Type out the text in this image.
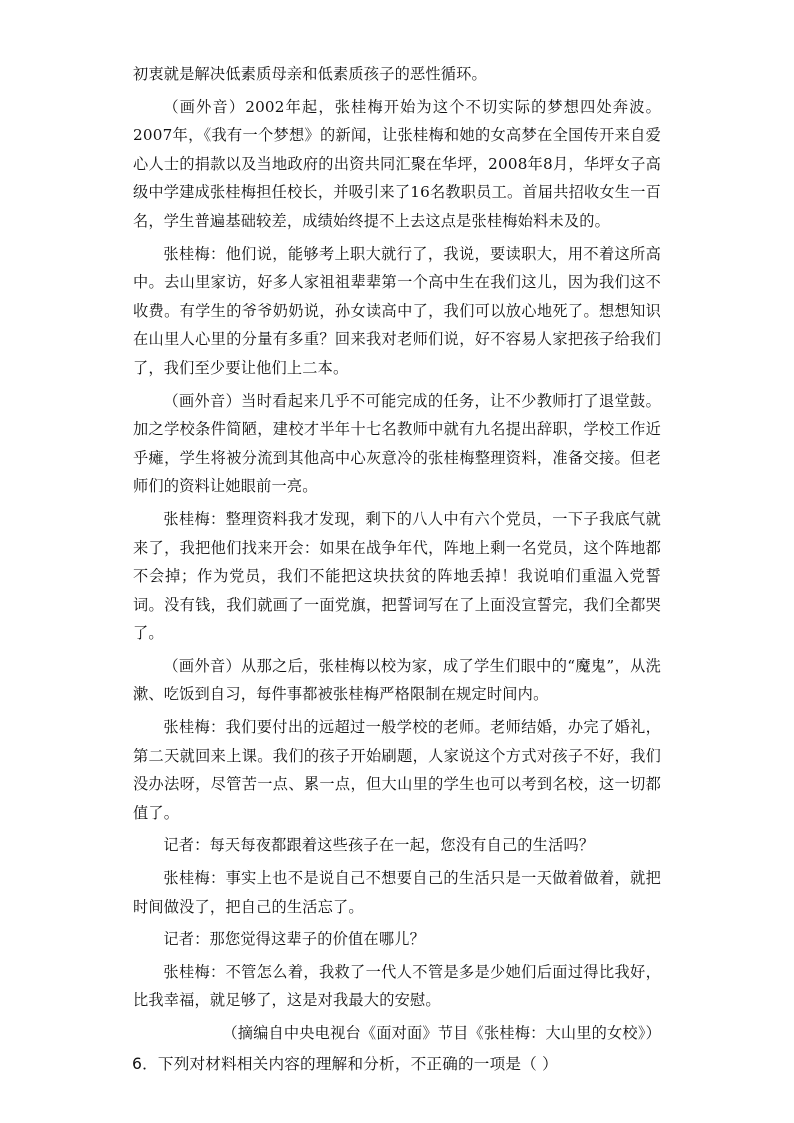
初衷就是解决低素质母亲和低素质孩子的恶性循环。

（画外音）2002年起，张桂梅开始为这个不切实际的梦想四处奔波。2007年，《我有一个梦想》的新闻，让张桂梅和她的女高梦在全国传开来自爱心人士的捐款以及当地政府的出资共同汇聚在华坪，2008年8月，华坪女子高级中学建成张桂梅担任校长，并吸引来了16名教职员工。首届共招收女生一百名，学生普遍基础较差，成绩始终提不上去这点是张桂梅始料未及的。

张桂梅：他们说，能够考上职大就行了，我说，要读职大，用不着这所高中。去山里家访，好多人家祖祖辈辈第一个高中生在我们这儿，因为我们这不收费。有学生的爷爷奶奶说，孙女读高中了，我们可以放心地死了。想想知识在山里人心里的分量有多重？回来我对老师们说，好不容易人家把孩子给我们了，我们至少要让他们上二本。

（画外音）当时看起来几乎不可能完成的任务，让不少教师打了退堂鼓。加之学校条件简陋，建校才半年十七名教师中就有九名提出辞职，学校工作近乎瘫，学生将被分流到其他高中心灰意冷的张桂梅整理资料，准备交接。但老师们的资料让她眼前一亮。

张桂梅：整理资料我才发现，剩下的八人中有六个党员，一下子我底气就来了，我把他们找来开会：如果在战争年代，阵地上剩一名党员，这个阵地都不会掉；作为党员，我们不能把这块扶贫的阵地丢掉！我说咱们重温入党誓词。没有钱，我们就画了一面党旗，把誓词写在了上面没宣誓完，我们全都哭了。

（画外音）从那之后，张桂梅以校为家，成了学生们眼中的“魔鬼”，从洗漱、吃饭到自习，每件事都被张桂梅严格限制在规定时间内。

张桂梅：我们要付出的远超过一般学校的老师。老师结婚，办完了婚礼，第二天就回来上课。我们的孩子开始刷题，人家说这个方式对孩子不好，我们没办法呀，尽管苦一点、累一点，但大山里的学生也可以考到名校，这一切都值了。

记者：每天每夜都跟着这些孩子在一起，您没有自己的生活吗？

张桂梅：事实上也不是说自己不想要自己的生活只是一天做着做着，就把时间做没了，把自己的生活忘了。

记者：那您觉得这辈子的价值在哪儿？

张桂梅：不管怎么着，我救了一代人不管是多是少她们后面过得比我好，比我幸福，就足够了，这是对我最大的安慰。

（摘编自中央电视台《面对面》节目《张桂梅：大山里的女校》）

6．下列对材料相关内容的理解和分析，不正确的一项是（ ）
